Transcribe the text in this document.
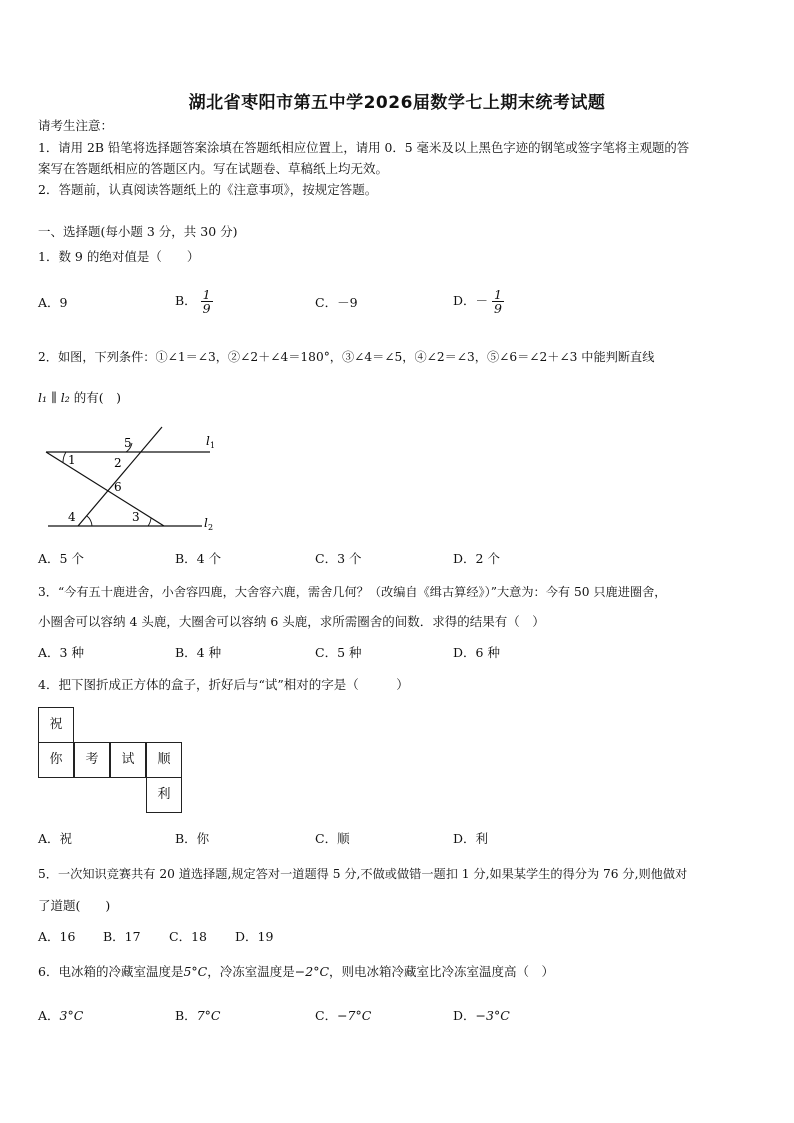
湖北省枣阳市第五中学2026届数学七上期末统考试题
请考生注意：
1．请用 2B 铅笔将选择题答案涂填在答题纸相应位置上，请用 0．5 毫米及以上黑色字迹的钢笔或签字笔将主观题的答
案写在答题纸相应的答题区内。写在试题卷、草稿纸上均无效。
2．答题前，认真阅读答题纸上的《注意事项》，按规定答题。
一、选择题(每小题 3 分，共 30 分)
1．数 9 的绝对值是（　　）
A．9	B． $\frac{1}{9}$	C．－9	D．－ $\frac{1}{9}$
2．如图，下列条件：①∠1＝∠3，②∠2＋∠4＝180°，③∠4＝∠5，④∠2＝∠3，⑤∠6＝∠2＋∠3 中能判断直线
l₁ ∥ l₂ 的有(　)
1	2
3
4
5
6
l 1
l 2
A．5 个	B．4 个	C．3 个	D．2 个
3．“今有五十鹿进舍，小舍容四鹿，大舍容六鹿，需舍几何？（改编自《缉古算经》）”大意为：今有 50 只鹿进圈舍，
小圈舍可以容纳 4 头鹿，大圈舍可以容纳 6 头鹿，求所需圈舍的间数．求得的结果有（　）
A．3 种	B．4 种	C．5 种	D．6 种
4．把下图折成正方体的盒子，折好后与“试”相对的字是（　　　）
祝
你	考	试	顺
利
A．祝	B．你	C．顺	D．利
5．一次知识竞赛共有 20 道选择题,规定答对一道题得 5 分,不做或做错一题扣 1 分,如果某学生的得分为 76 分,则他做对
了道题(　　)
A．16 B．17 C．18 D．19
6．电冰箱的冷藏室温度是5°C，冷冻室温度是−2°C，则电冰箱冷藏室比冷冻室温度高（　）
A．3°C	B．7°C	C．−7°C	D．−3°C
